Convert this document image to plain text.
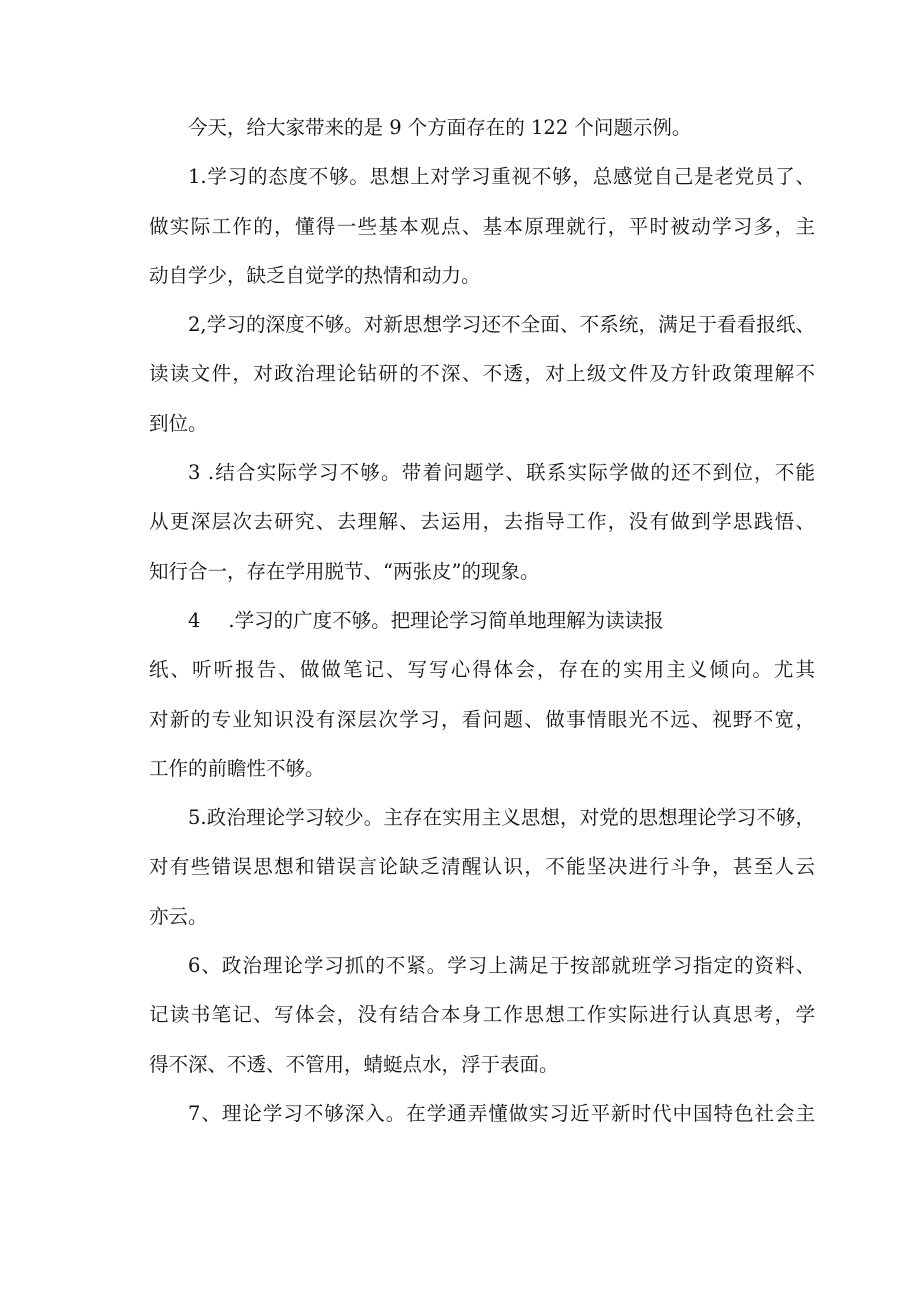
今天，给大家带来的是 9 个方面存在的 122 个问题示例。
1.学习的态度不够。思想上对学习重视不够，总感觉自己是老党员了、
做实际工作的，懂得一些基本观点、基本原理就行，平时被动学习多，主
动自学少，缺乏自觉学的热情和动力。
2,学习的深度不够。对新思想学习还不全面、不系统，满足于看看报纸、
读读文件，对政治理论钻研的不深、不透，对上级文件及方针政策理解不
到位。
3 .结合实际学习不够。带着问题学、联系实际学做的还不到位，不能
从更深层次去研究、去理解、去运用，去指导工作，没有做到学思践悟、
知行合一，存在学用脱节、“两张皮”的现象。
4 .学习的广度不够。把理论学习简单地理解为读读报
纸、听听报告、做做笔记、写写心得体会，存在的实用主义倾向。尤其
对新的专业知识没有深层次学习，看问题、做事情眼光不远、视野不宽，
工作的前瞻性不够。
5.政治理论学习较少。主存在实用主义思想，对党的思想理论学习不够，
对有些错误思想和错误言论缺乏清醒认识，不能坚决进行斗争，甚至人云
亦云。
6、政治理论学习抓的不紧。学习上满足于按部就班学习指定的资料、
记读书笔记、写体会，没有结合本身工作思想工作实际进行认真思考，学
得不深、不透、不管用，蜻蜓点水，浮于表面。
7、理论学习不够深入。在学通弄懂做实习近平新时代中国特色社会主
